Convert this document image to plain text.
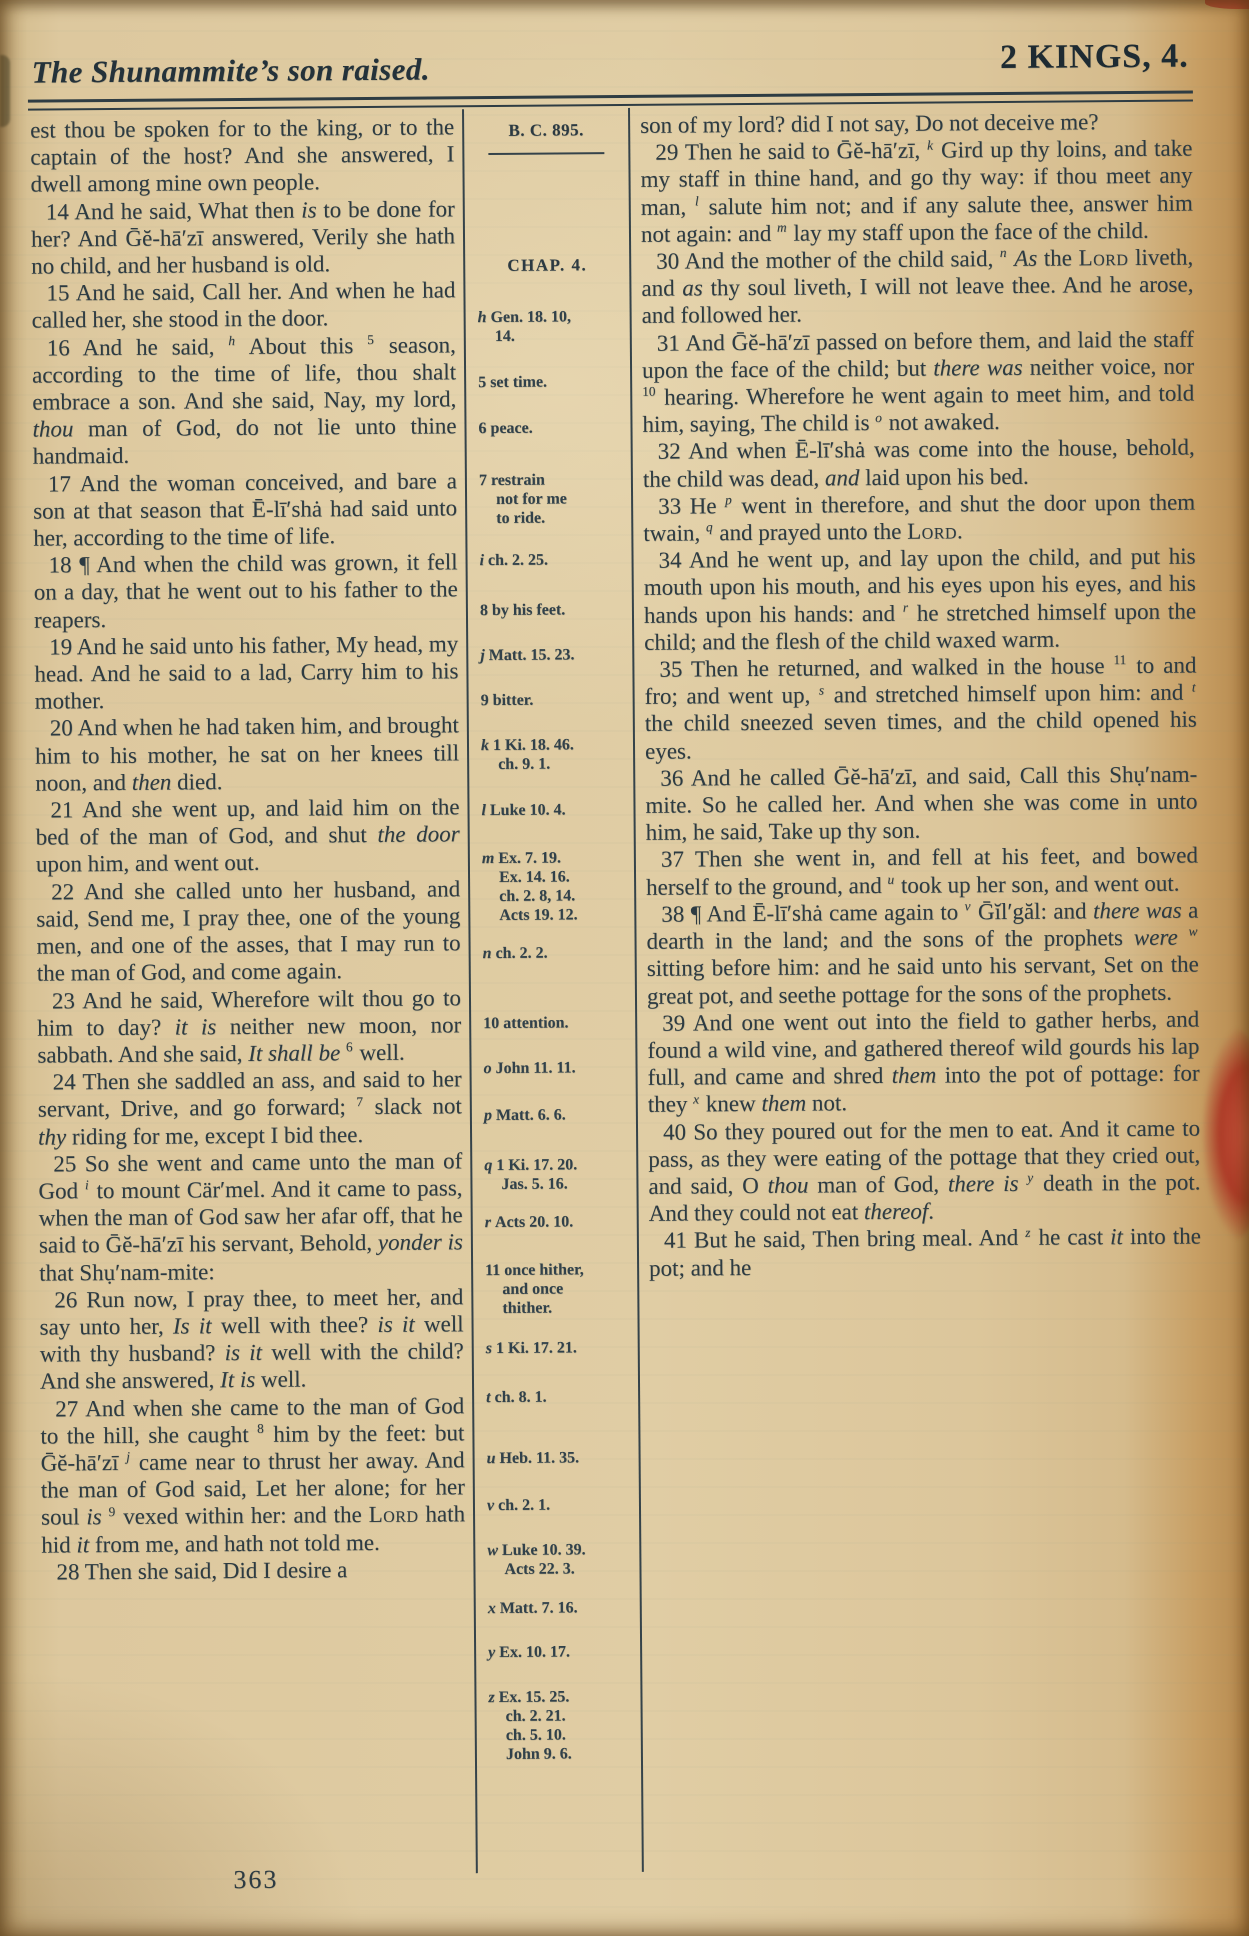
The Shunammite’s son raised.	2 KINGS, 4.

est thou be spoken for to the king, or to the captain of the host? And she answered, I dwell among mine own people.

14 And he said, What then is to be done for her? And Ḡĕ-hā′zī answered, Verily she hath no child, and her husband is old.

15 And he said, Call her. And when he had called her, she stood in the door.

16 And he said, $^h$ About this $^5$ season, according to the time of life, thou shalt embrace a son. And she said, Nay, my lord, thou man of God, do not lie unto thine handmaid.

17 And the woman conceived, and bare a son at that season that Ē-lī′shȧ had said unto her, according to the time of life.

18 ¶ And when the child was grown, it fell on a day, that he went out to his father to the reapers.

19 And he said unto his father, My head, my head. And he said to a lad, Carry him to his mother.

20 And when he had taken him, and brought him to his mother, he sat on her knees till noon, and then died.

21 And she went up, and laid him on the bed of the man of God, and shut the door upon him, and went out.

22 And she called unto her husband, and said, Send me, I pray thee, one of the young men, and one of the asses, that I may run to the man of God, and come again.

23 And he said, Wherefore wilt thou go to him to day? it is neither new moon, nor sabbath. And she said, It shall be $^6$ well.

24 Then she saddled an ass, and said to her servant, Drive, and go forward; $^7$ slack not thy riding for me, except I bid thee.

25 So she went and came unto the man of God $^i$ to mount Cär′mel. And it came to pass, when the man of God saw her afar off, that he said to Ḡĕ-hā′zī his servant, Behold, yonder is that Shụ′nam-mite:

26 Run now, I pray thee, to meet her, and say unto her, Is it well with thee? is it well with thy husband? is it well with the child? And she answered, It is well.

27 And when she came to the man of God to the hill, she caught $^8$ him by the feet: but Ḡĕ-hā′zī $^j$ came near to thrust her away. And the man of God said, Let her alone; for her soul is $^9$ vexed within her: and the Lord hath hid it from me, and hath not told me.

28 Then she said, Did I desire a

B. C. 895.
CHAP. 4.
h Gen. 18. 10,
14.
5 set time.
6 peace.
7 restrain
not for me
to ride.
i ch. 2. 25.
8 by his feet.
j Matt. 15. 23.
9 bitter.
k 1 Ki. 18. 46.
ch. 9. 1.
l Luke 10. 4.
m Ex. 7. 19.
Ex. 14. 16.
ch. 2. 8, 14.
Acts 19. 12.
n ch. 2. 2.
10 attention.
o John 11. 11.
p Matt. 6. 6.
q 1 Ki. 17. 20.
Jas. 5. 16.
r Acts 20. 10.
11 once hither,
and once
thither.
s 1 Ki. 17. 21.
t ch. 8. 1.
u Heb. 11. 35.
v ch. 2. 1.
w Luke 10. 39.
Acts 22. 3.
x Matt. 7. 16.
y Ex. 10. 17.
z Ex. 15. 25.
ch. 2. 21.
ch. 5. 10.
John 9. 6.

son of my lord? did I not say, Do not deceive me?

29 Then he said to Ḡĕ-hā′zī, $^k$ Gird up thy loins, and take my staff in thine hand, and go thy way: if thou meet any man, $^l$ salute him not; and if any salute thee, answer him not again: and $^m$ lay my staff upon the face of the child.

30 And the mother of the child said, $^n$ As the Lord liveth, and as thy soul liveth, I will not leave thee. And he arose, and followed her.

31 And Ḡĕ-hā′zī passed on before them, and laid the staff upon the face of the child; but there was neither voice, nor $^{10}$ hearing. Wherefore he went again to meet him, and told him, saying, The child is $^o$ not awaked.

32 And when Ē-lī′shȧ was come into the house, behold, the child was dead, and laid upon his bed.

33 He $^p$ went in therefore, and shut the door upon them twain, $^q$ and prayed unto the Lord.

34 And he went up, and lay upon the child, and put his mouth upon his mouth, and his eyes upon his eyes, and his hands upon his hands: and $^r$ he stretched himself upon the child; and the flesh of the child waxed warm.

35 Then he returned, and walked in the house $^{11}$ to and fro; and went up, $^s$ and stretched himself upon him: and $^t$ the child sneezed seven times, and the child opened his eyes.

36 And he called Ḡĕ-hā′zī, and said, Call this Shụ′nam-mite. So he called her. And when she was come in unto him, he said, Take up thy son.

37 Then she went in, and fell at his feet, and bowed herself to the ground, and $^u$ took up her son, and went out.

38 ¶ And Ē-lī′shȧ came again to $^v$ Ḡĭl′găl: and there was a dearth in the land; and the sons of the prophets were $^w$ sitting before him: and he said unto his servant, Set on the great pot, and seethe pottage for the sons of the prophets.

39 And one went out into the field to gather herbs, and found a wild vine, and gathered thereof wild gourds his lap full, and came and shred them into the pot of pottage: for they $^x$ knew them not.

40 So they poured out for the men to eat. And it came to pass, as they were eating of the pottage that they cried out, and said, O thou man of God, there is $^y$ death in the pot. And they could not eat thereof.

41 But he said, Then bring meal. And $^z$ he cast it into the pot; and he

363
